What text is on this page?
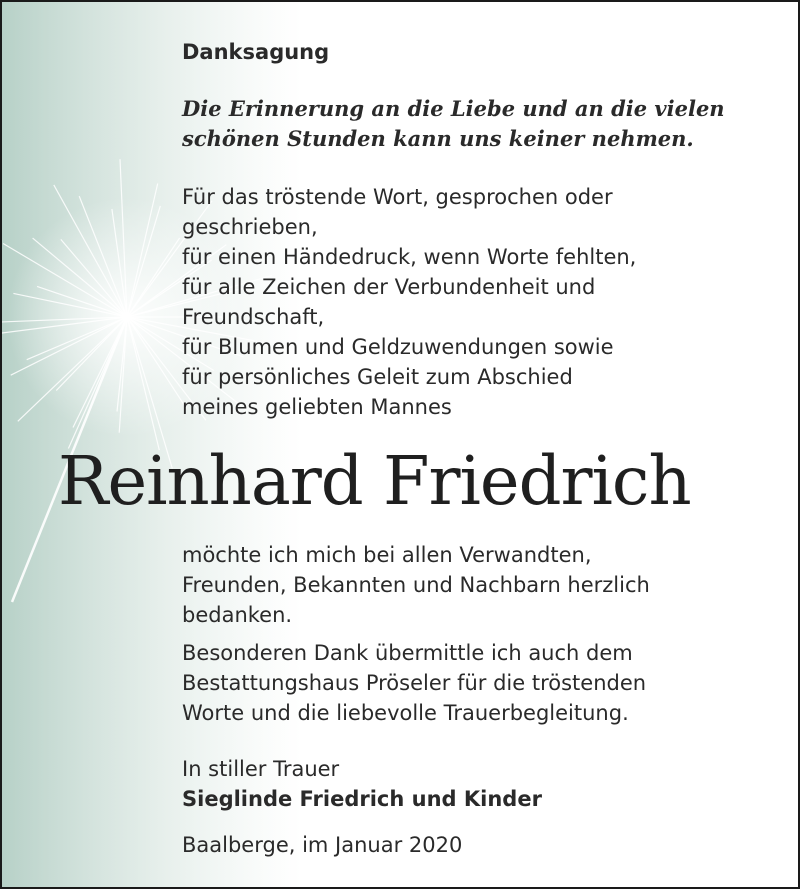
Danksagung
Die Erinnerung an die Liebe und an die vielen
schönen Stunden kann uns keiner nehmen.
Für das tröstende Wort, gesprochen oder
geschrieben,
für einen Händedruck, wenn Worte fehlten,
für alle Zeichen der Verbundenheit und
Freundschaft,
für Blumen und Geldzuwendungen sowie
für persönliches Geleit zum Abschied
meines geliebten Mannes
Reinhard Friedrich
möchte ich mich bei allen Verwandten,
Freunden, Bekannten und Nachbarn herzlich
bedanken.
Besonderen Dank übermittle ich auch dem
Bestattungshaus Pröseler für die tröstenden
Worte und die liebevolle Trauerbegleitung.
In stiller Trauer
Sieglinde Friedrich und Kinder
Baalberge, im Januar 2020
